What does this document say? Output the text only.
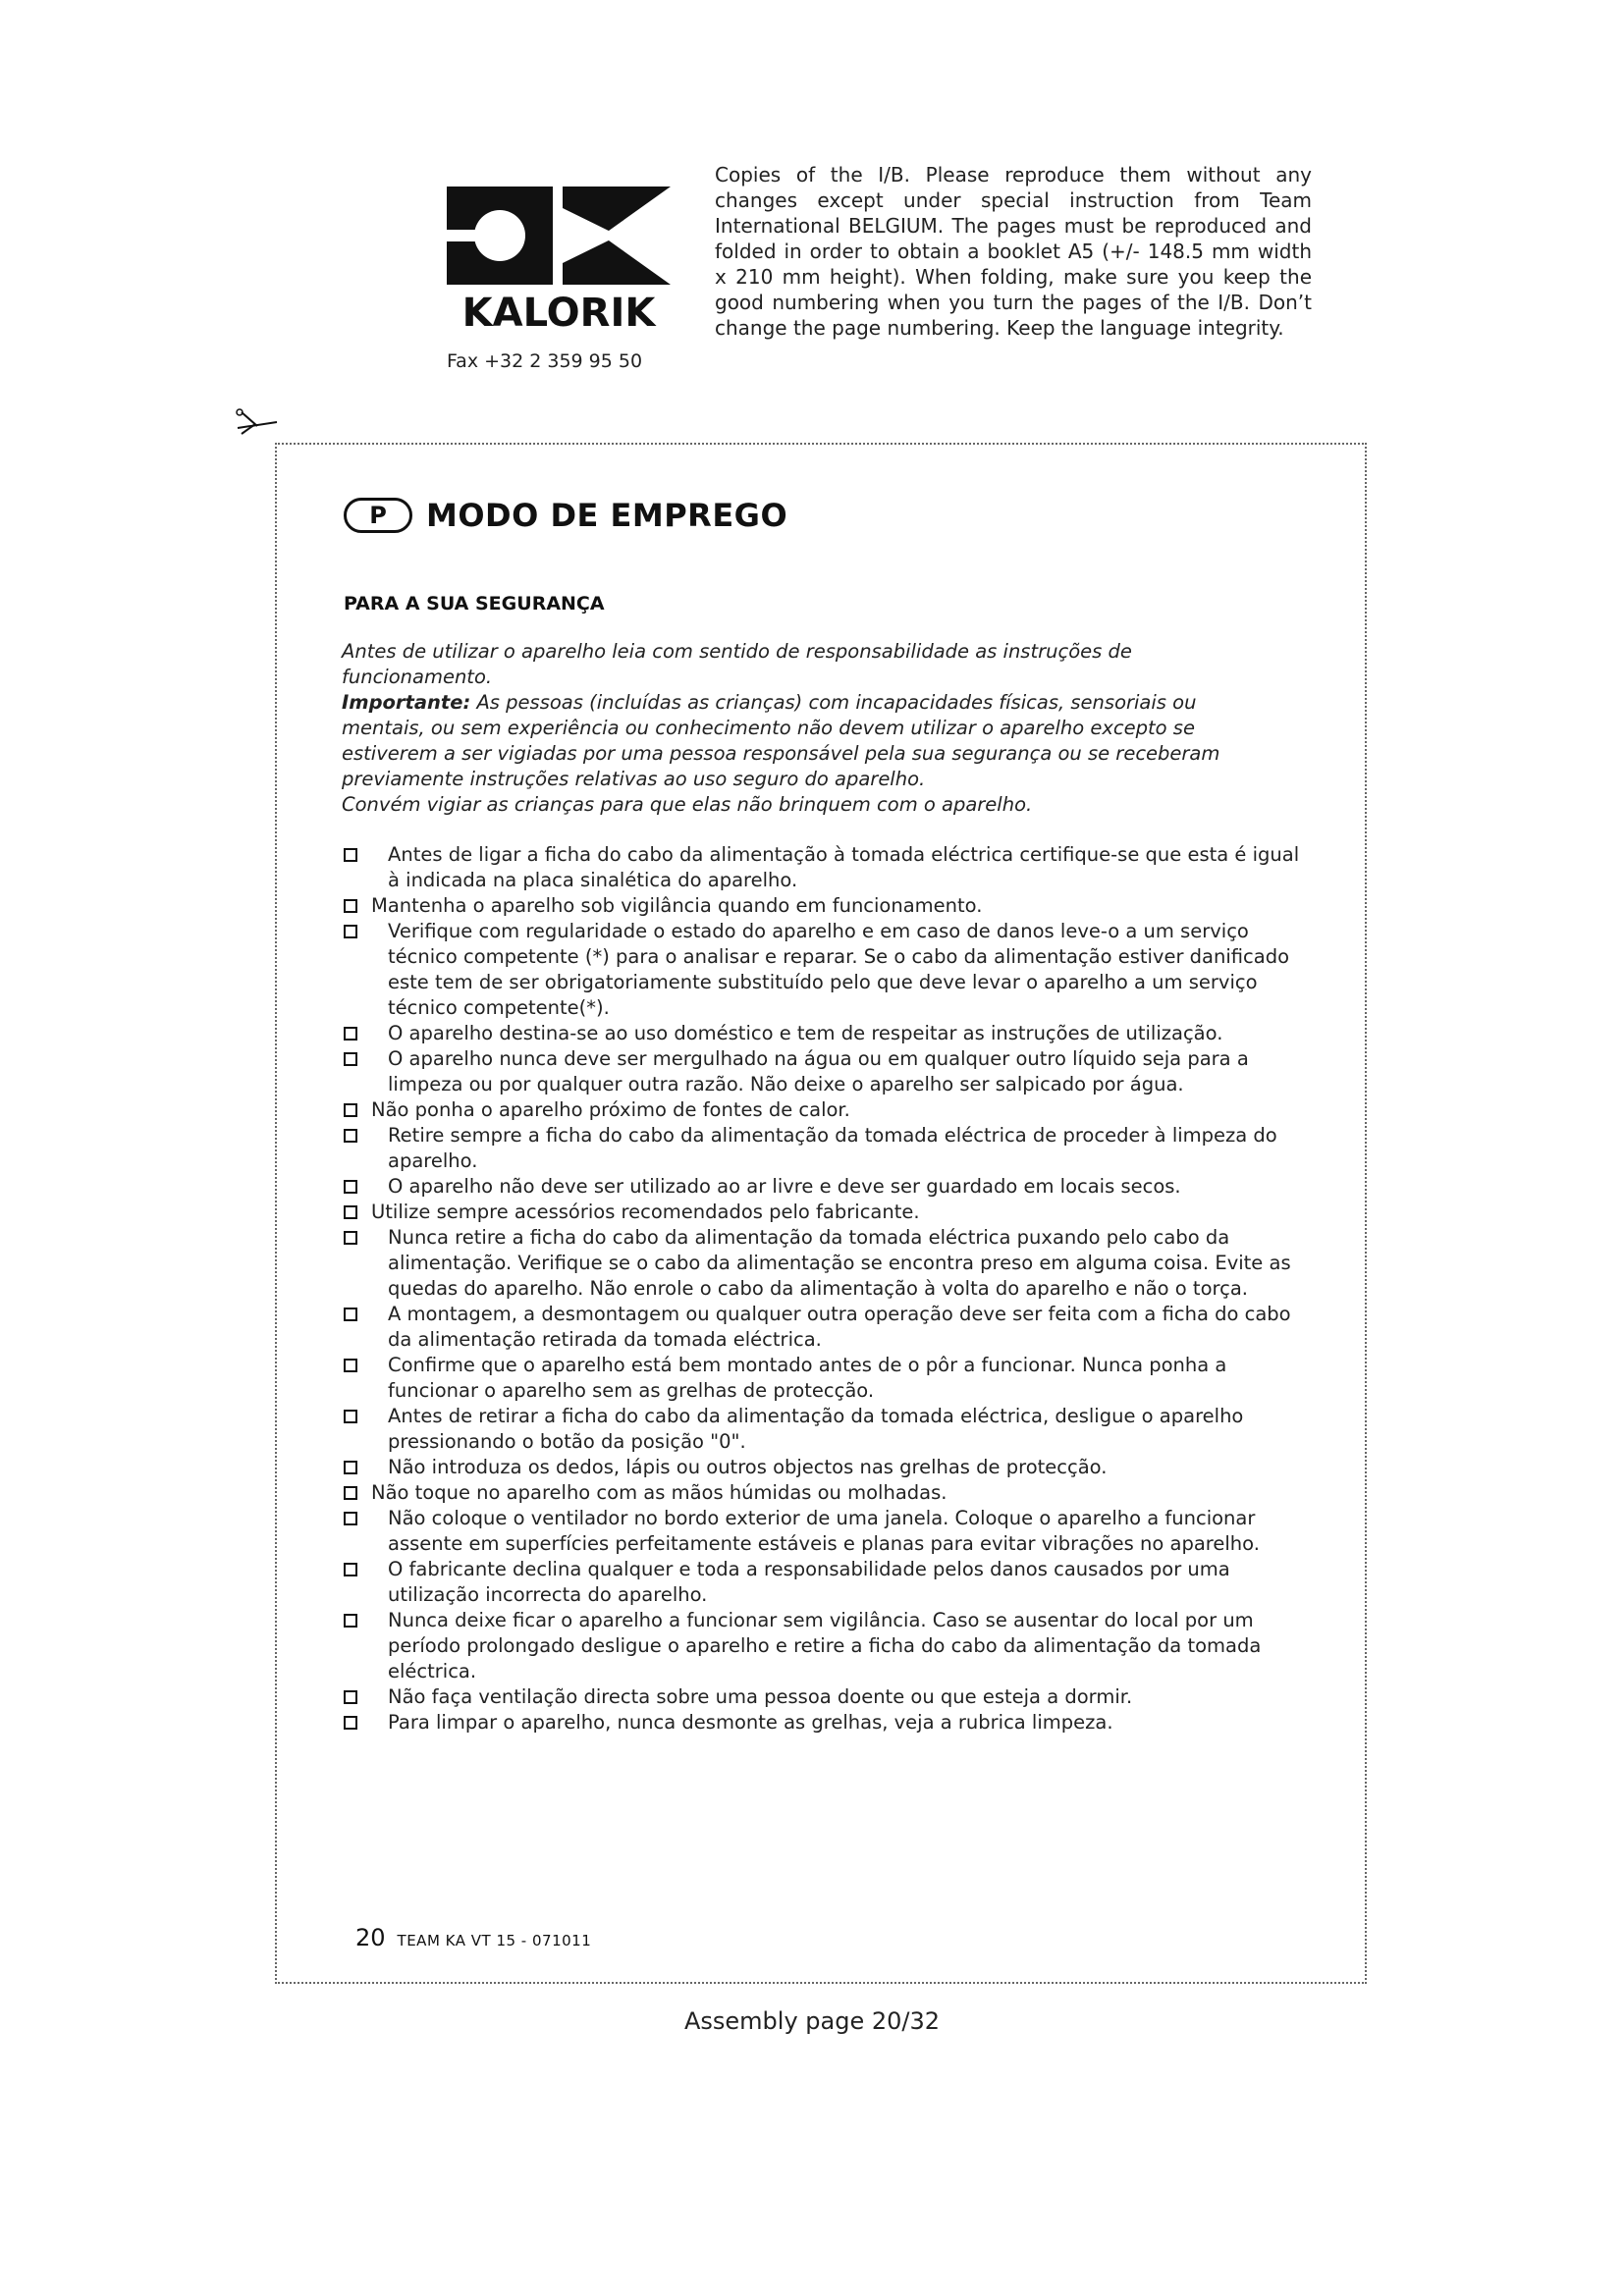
KALORIK
Fax +32 2 359 95 50
Copies of the I/B. Please reproduce them without any changes except under special instruction from Team International BELGIUM. The pages must be reproduced and folded in order to obtain a booklet A5 (+/- 148.5 mm width x 210 mm height). When folding, make sure you keep the good numbering when you turn the pages of the I/B. Don’t change the page numbering. Keep the language integrity.
P	MODO DE EMPREGO
PARA A SUA SEGURANÇA

Antes de utilizar o aparelho leia com sentido de responsabilidade as instruções de funcionamento.

Importante: As pessoas (incluídas as crianças) com incapacidades físicas, sensoriais ou mentais, ou sem experiência ou conhecimento não devem utilizar o aparelho excepto se estiverem a ser vigiadas por uma pessoa responsável pela sua segurança ou se receberam previamente instruções relativas ao uso seguro do aparelho.

Convém vigiar as crianças para que elas não brinquem com o aparelho.

Antes de ligar a ficha do cabo da alimentação à tomada eléctrica certifique-se que esta é igual à indicada na placa sinalética do aparelho.
Mantenha o aparelho sob vigilância quando em funcionamento.
Verifique com regularidade o estado do aparelho e em caso de danos leve-o a um serviço técnico competente (*) para o analisar e reparar. Se o cabo da alimentação estiver danificado este tem de ser obrigatoriamente substituído pelo que deve levar o aparelho a um serviço técnico competente(*).
O aparelho destina-se ao uso doméstico e tem de respeitar as instruções de utilização.
O aparelho nunca deve ser mergulhado na água ou em qualquer outro líquido seja para a limpeza ou por qualquer outra razão. Não deixe o aparelho ser salpicado por água.
Não ponha o aparelho próximo de fontes de calor.
Retire sempre a ficha do cabo da alimentação da tomada eléctrica de proceder à limpeza do aparelho.
O aparelho não deve ser utilizado ao ar livre e deve ser guardado em locais secos.
Utilize sempre acessórios recomendados pelo fabricante.
Nunca retire a ficha do cabo da alimentação da tomada eléctrica puxando pelo cabo da alimentação. Verifique se o cabo da alimentação se encontra preso em alguma coisa. Evite as quedas do aparelho. Não enrole o cabo da alimentação à volta do aparelho e não o torça.
A montagem, a desmontagem ou qualquer outra operação deve ser feita com a ficha do cabo da alimentação retirada da tomada eléctrica.
Confirme que o aparelho está bem montado antes de o pôr a funcionar. Nunca ponha a funcionar o aparelho sem as grelhas de protecção.
Antes de retirar a ficha do cabo da alimentação da tomada eléctrica, desligue o aparelho pressionando o botão da posição "0".
Não introduza os dedos, lápis ou outros objectos nas grelhas de protecção.
Não toque no aparelho com as mãos húmidas ou molhadas.
Não coloque o ventilador no bordo exterior de uma janela. Coloque o aparelho a funcionar assente em superfícies perfeitamente estáveis e planas para evitar vibrações no aparelho.
O fabricante declina qualquer e toda a responsabilidade pelos danos causados por uma utilização incorrecta do aparelho.
Nunca deixe ficar o aparelho a funcionar sem vigilância. Caso se ausentar do local por um período prolongado desligue o aparelho e retire a ficha do cabo da alimentação da tomada eléctrica.
Não faça ventilação directa sobre uma pessoa doente ou que esteja a dormir.
Para limpar o aparelho, nunca desmonte as grelhas, veja a rubrica limpeza.
20 TEAM KA VT 15 - 071011
Assembly page 20/32
